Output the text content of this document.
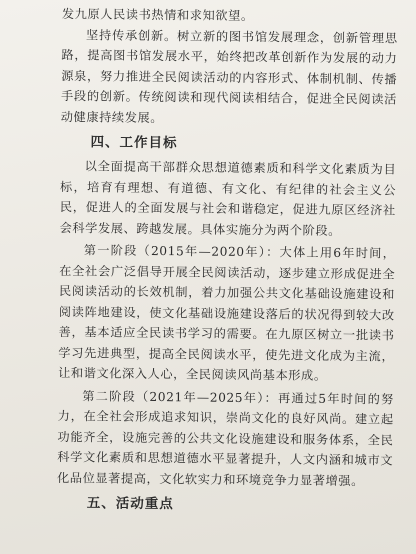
发九原人民读书热情和求知欲望。

坚持传承创新。树立新的图书馆发展理念，创新管理思路，提高图书馆发展水平，始终把改革创新作为发展的动力源泉，努力推进全民阅读活动的内容形式、体制机制、传播手段的创新。传统阅读和现代阅读相结合，促进全民阅读活动健康持续发展。

四、工作目标

以全面提高干部群众思想道德素质和科学文化素质为目标，培育有理想、有道德、有文化、有纪律的社会主义公民，促进人的全面发展与社会和谐稳定，促进九原区经济社会科学发展、跨越发展。具体实施分为两个阶段。

第一阶段（2015年—2020年）：大体上用6年时间，在全社会广泛倡导开展全民阅读活动，逐步建立形成促进全民阅读活动的长效机制，着力加强公共文化基础设施建设和阅读阵地建设，使文化基础设施建设落后的状况得到较大改善，基本适应全民读书学习的需要。在九原区树立一批读书学习先进典型，提高全民阅读水平，使先进文化成为主流，让和谐文化深入人心，全民阅读风尚基本形成。

第二阶段（2021年—2025年）：再通过5年时间的努力，在全社会形成追求知识，崇尚文化的良好风尚。建立起功能齐全，设施完善的公共文化设施建设和服务体系，全民科学文化素质和思想道德水平显著提升，人文内涵和城市文化品位显著提高，文化软实力和环境竞争力显著增强。

五、活动重点
